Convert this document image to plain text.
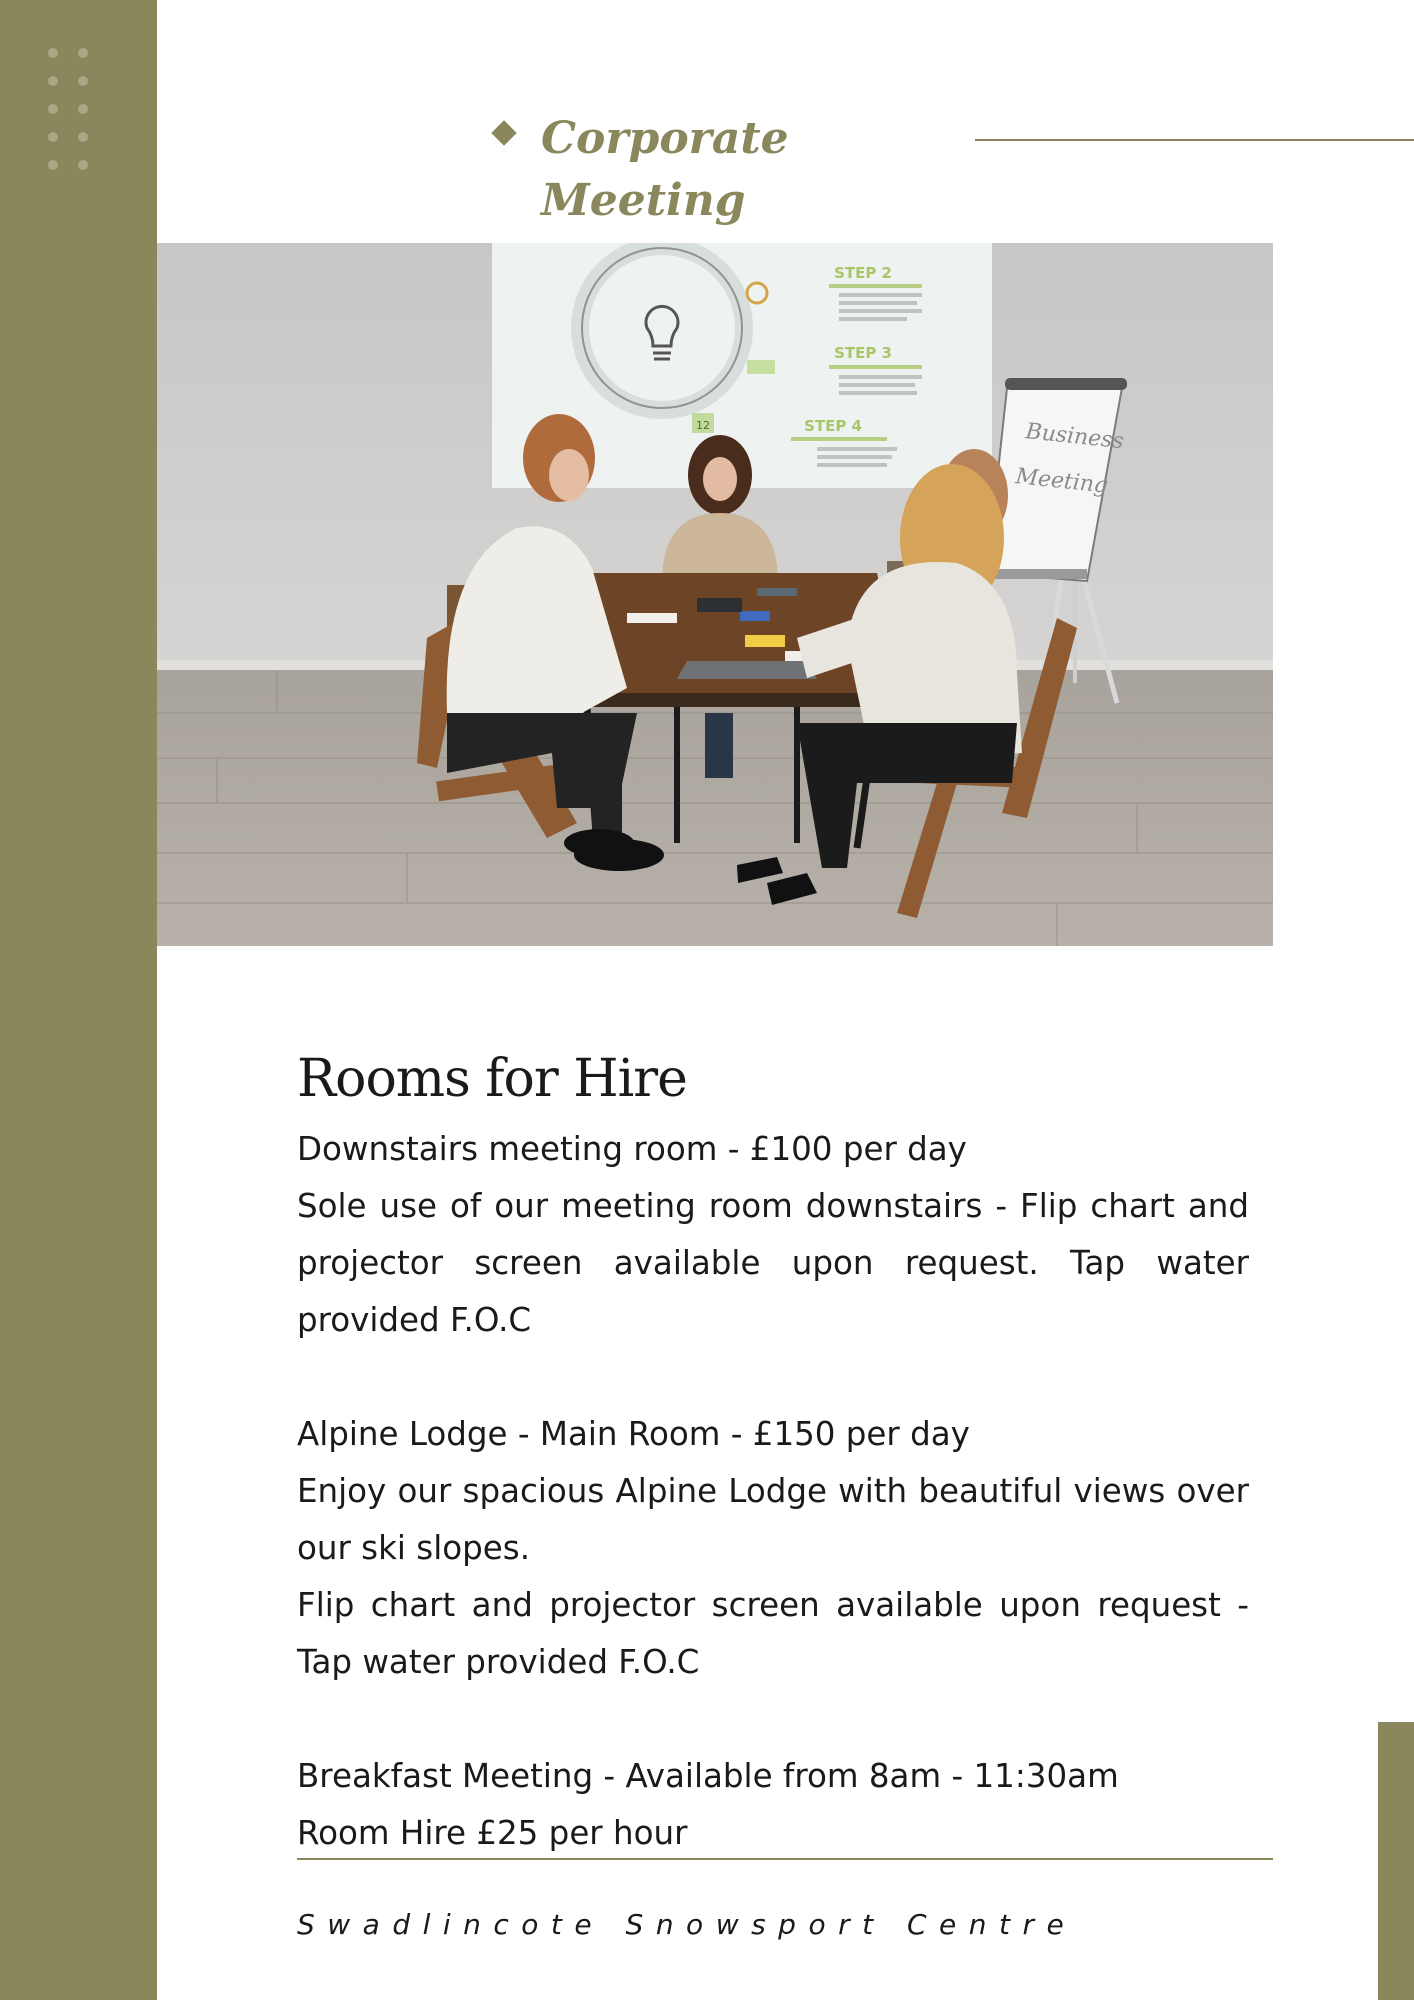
Corporate Meeting

12
STEP 2
STEP 3
STEP 4	Business
Meeting
Rooms for Hire

Downstairs meeting room - £100 per day

Sole use of our meeting room downstairs - Flip chart and projector screen available upon request. Tap water provided F.O.C

Alpine Lodge - Main Room - £150 per day

Enjoy our spacious Alpine Lodge with beautiful views over our ski slopes.

Flip chart and projector screen available upon request - Tap water provided F.O.C

Breakfast Meeting - Available from 8am - 11:30am

Room Hire £25 per hour

Swadlincote Snowsport Centre
